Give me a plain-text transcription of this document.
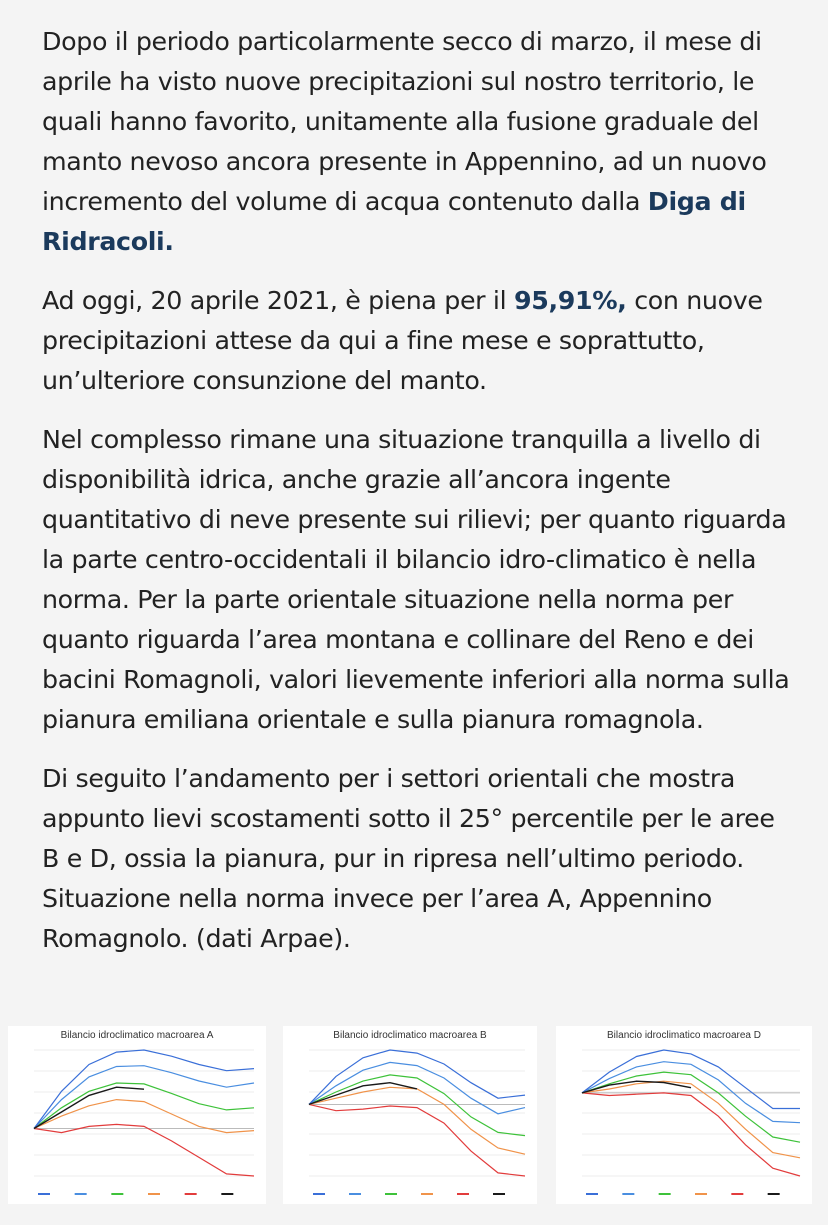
Dopo il periodo particolarmente secco di marzo, il mese di aprile ha visto nuove precipitazioni sul nostro territorio, le quali hanno favorito, unitamente alla fusione graduale del manto nevoso ancora presente in Appennino, ad un nuovo incremento del volume di acqua contenuto dalla Diga di Ridracoli.

Ad oggi, 20 aprile 2021, è piena per il 95,91%, con nuove precipitazioni attese da qui a fine mese e soprattutto, un’ulteriore consunzione del manto.

Nel complesso rimane una situazione tranquilla a livello di disponibilità idrica, anche grazie all’ancora ingente quantitativo di neve presente sui rilievi; per quanto riguarda la parte centro-occidentali il bilancio idro-climatico è nella norma. Per la parte orientale situazione nella norma per quanto riguarda l’area montana e collinare del Reno e dei bacini Romagnoli, valori lievemente inferiori alla norma sulla pianura emiliana orientale e sulla pianura romagnola.

Di seguito l’andamento per i settori orientali che mostra appunto lievi scostamenti sotto il 25° percentile per le aree B e D, ossia la pianura, pur in ripresa nell’ultimo periodo. Situazione nella norma invece per l’area A, Appennino Romagnolo. (dati Arpae).

Bilancio idroclimatico macroarea A	Bilancio idroclimatico macroarea B	Bilancio idroclimatico macroarea D
